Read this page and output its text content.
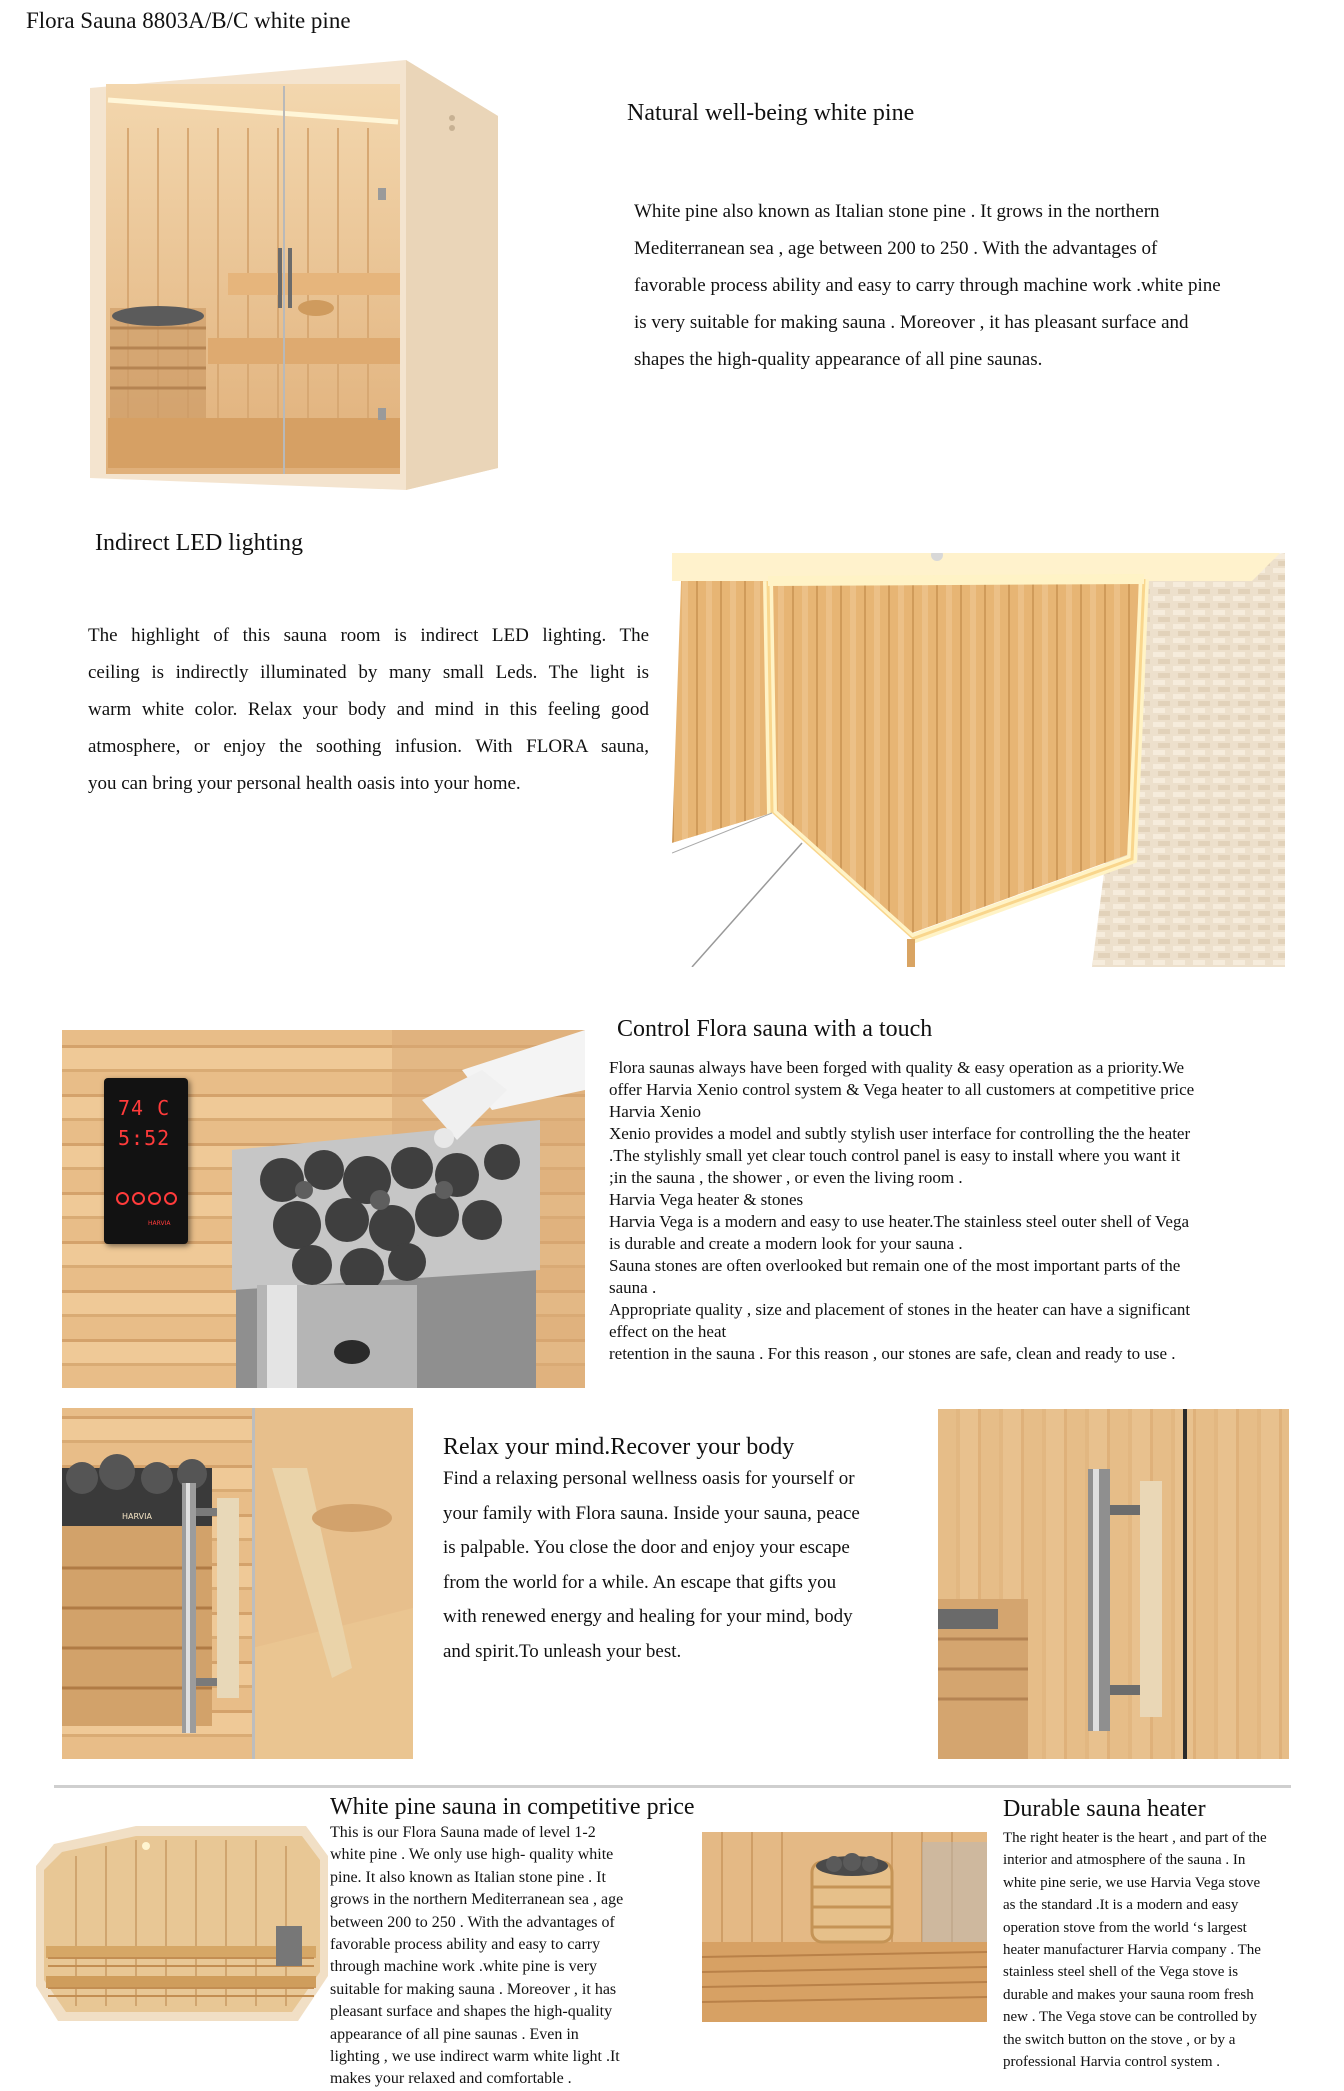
Flora Sauna 8803A/B/C white pine
Natural well-being white pine
White pine also known as Italian stone pine . It grows in the northern
Mediterranean sea , age between 200 to 250 . With the advantages of
favorable process ability and easy to carry through machine work .white pine
is very suitable for making sauna . Moreover , it has pleasant surface and
shapes the high-quality appearance of all pine saunas.
Indirect LED lighting
The highlight of this sauna room is indirect LED lighting. The
ceiling is indirectly illuminated by many small Leds. The light is
warm white color. Relax your body and mind in this feeling good
atmosphere, or enjoy the soothing infusion. With FLORA sauna,
you can bring your personal health oasis into your home.
74 C
5:52
HARVIA
Control Flora sauna with a touch
Flora saunas always have been forged with quality & easy operation as a priority.We
offer Harvia Xenio control system & Vega heater to all customers at competitive price
Harvia Xenio
Xenio provides a model and subtly stylish user interface for controlling the the heater
.The stylishly small yet clear touch control panel is easy to install where you want it
;in the sauna , the shower , or even the living room .
Harvia Vega heater & stones
Harvia Vega is a modern and easy to use heater.The stainless steel outer shell of Vega
is durable and create a modern look for your sauna .
Sauna stones are often overlooked but remain one of the most important parts of the
sauna .
Appropriate quality , size and placement of stones in the heater can have a significant
effect on the heat
retention in the sauna . For this reason , our stones are safe, clean and ready to use .
HARVIA
Relax your mind.Recover your body
Find a relaxing personal wellness oasis for yourself or
your family with Flora sauna. Inside your sauna, peace
is palpable. You close the door and enjoy your escape
from the world for a while. An escape that gifts you
with renewed energy and healing for your mind, body
and spirit.To unleash your best.
White pine sauna in competitive price
This is our Flora Sauna made of level 1-2
white pine . We only use high- quality white
pine. It also known as Italian stone pine . It
grows in the northern Mediterranean sea , age
between 200 to 250 . With the advantages of
favorable process ability and easy to carry
through machine work .white pine is very
suitable for making sauna . Moreover , it has
pleasant surface and shapes the high-quality
appearance of all pine saunas . Even in
lighting , we use indirect warm white light .It
makes your relaxed and comfortable .
Durable sauna heater
The right heater is the heart , and part of the
interior and atmosphere of the sauna . In
white pine serie, we use Harvia Vega stove
as the standard .It is a modern and easy
operation stove from the world ‘s largest
heater manufacturer Harvia company . The
stainless steel shell of the Vega stove is
durable and makes your sauna room fresh
new . The Vega stove can be controlled by
the switch button on the stove , or by a
professional Harvia control system .
